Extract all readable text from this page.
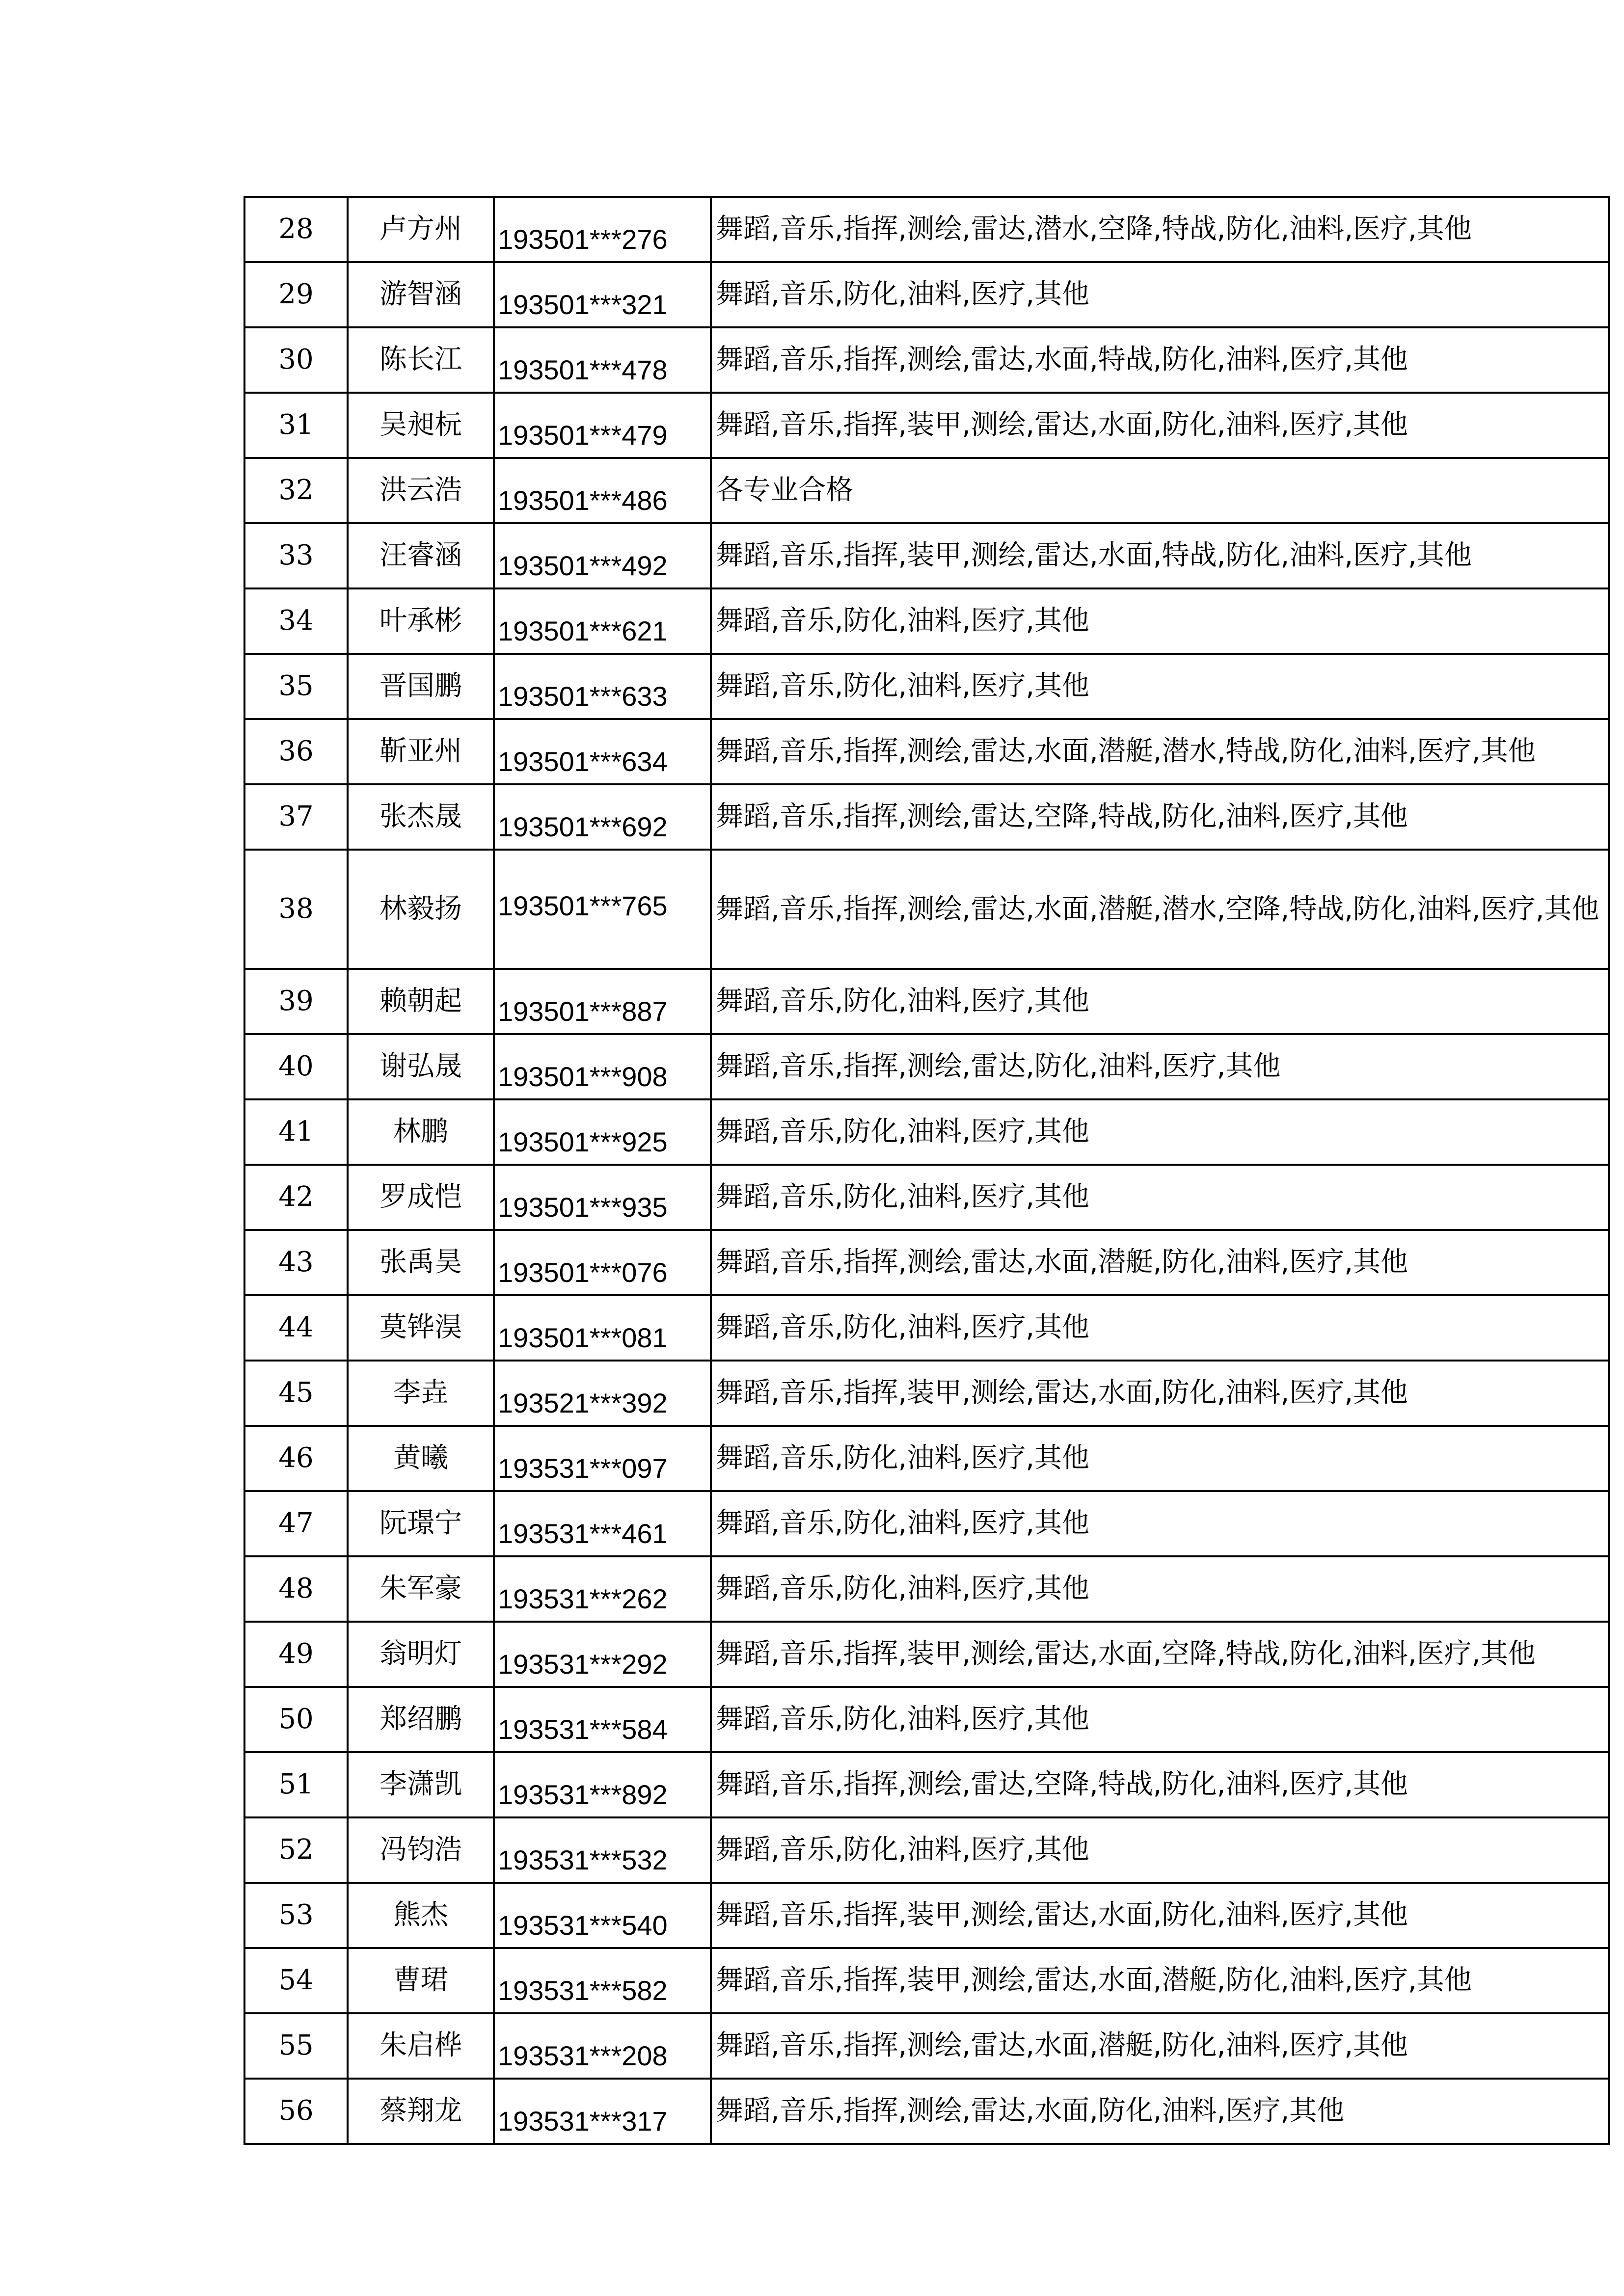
28	卢方州	193501***276	舞蹈,音乐,指挥,测绘,雷达,潜水,空降,特战,防化,油料,医疗,其他
29	游智涵	193501***321	舞蹈,音乐,防化,油料,医疗,其他
30	陈长江	193501***478	舞蹈,音乐,指挥,测绘,雷达,水面,特战,防化,油料,医疗,其他
31	吴昶杬	193501***479	舞蹈,音乐,指挥,装甲,测绘,雷达,水面,防化,油料,医疗,其他
32	洪云浩	193501***486	各专业合格
33	汪睿涵	193501***492	舞蹈,音乐,指挥,装甲,测绘,雷达,水面,特战,防化,油料,医疗,其他
34	叶承彬	193501***621	舞蹈,音乐,防化,油料,医疗,其他
35	晋国鹏	193501***633	舞蹈,音乐,防化,油料,医疗,其他
36	靳亚州	193501***634	舞蹈,音乐,指挥,测绘,雷达,水面,潜艇,潜水,特战,防化,油料,医疗,其他
37	张杰晟	193501***692	舞蹈,音乐,指挥,测绘,雷达,空降,特战,防化,油料,医疗,其他
38	林毅扬	193501***765	舞蹈,音乐,指挥,测绘,雷达,水面,潜艇,潜水,空降,特战,防化,油料,医疗,其他
39	赖朝起	193501***887	舞蹈,音乐,防化,油料,医疗,其他
40	谢弘晟	193501***908	舞蹈,音乐,指挥,测绘,雷达,防化,油料,医疗,其他
41	林鹏	193501***925	舞蹈,音乐,防化,油料,医疗,其他
42	罗成恺	193501***935	舞蹈,音乐,防化,油料,医疗,其他
43	张禹昊	193501***076	舞蹈,音乐,指挥,测绘,雷达,水面,潜艇,防化,油料,医疗,其他
44	莫铧淏	193501***081	舞蹈,音乐,防化,油料,医疗,其他
45	李垚	193521***392	舞蹈,音乐,指挥,装甲,测绘,雷达,水面,防化,油料,医疗,其他
46	黄曦	193531***097	舞蹈,音乐,防化,油料,医疗,其他
47	阮璟宁	193531***461	舞蹈,音乐,防化,油料,医疗,其他
48	朱军豪	193531***262	舞蹈,音乐,防化,油料,医疗,其他
49	翁明灯	193531***292	舞蹈,音乐,指挥,装甲,测绘,雷达,水面,空降,特战,防化,油料,医疗,其他
50	郑绍鹏	193531***584	舞蹈,音乐,防化,油料,医疗,其他
51	李潇凯	193531***892	舞蹈,音乐,指挥,测绘,雷达,空降,特战,防化,油料,医疗,其他
52	冯钧浩	193531***532	舞蹈,音乐,防化,油料,医疗,其他
53	熊杰	193531***540	舞蹈,音乐,指挥,装甲,测绘,雷达,水面,防化,油料,医疗,其他
54	曹珺	193531***582	舞蹈,音乐,指挥,装甲,测绘,雷达,水面,潜艇,防化,油料,医疗,其他
55	朱启桦	193531***208	舞蹈,音乐,指挥,测绘,雷达,水面,潜艇,防化,油料,医疗,其他
56	蔡翔龙	193531***317	舞蹈,音乐,指挥,测绘,雷达,水面,防化,油料,医疗,其他
